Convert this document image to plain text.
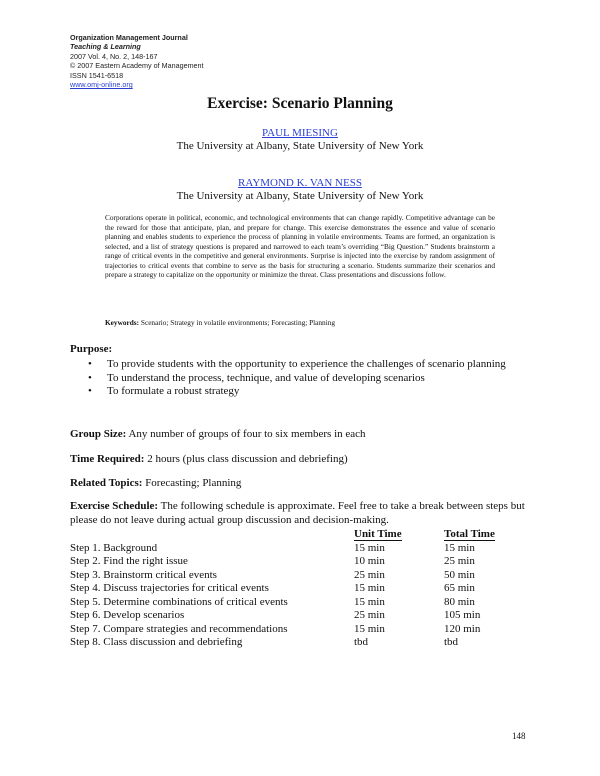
Organization Management Journal
Teaching & Learning
2007 Vol. 4, No. 2, 148-167
© 2007 Eastern Academy of Management
ISSN 1541-6518
www.omj-online.org
Exercise: Scenario Planning
PAUL MIESING
The University at Albany, State University of New York
RAYMOND K. VAN NESS
The University at Albany, State University of New York
Corporations operate in political, economic, and technological environments that can change rapidly. Competitive advantage can be the reward for those that anticipate, plan, and prepare for change. This exercise demonstrates the essence and value of scenario planning and enables students to experience the process of planning in volatile environments. Teams are formed, an organization is selected, and a list of strategy questions is prepared and narrowed to each team’s overriding “Big Question.” Students brainstorm a range of critical events in the competitive and general environments. Surprise is injected into the exercise by random assignment of trajectories to critical events that combine to serve as the basis for structuring a scenario. Students summarize their scenarios and prepare a strategy to capitalize on the opportunity or minimize the threat. Class presentations and discussions follow.
Keywords: Scenario; Strategy in volatile environments; Forecasting; Planning
Purpose:
• To provide students with the opportunity to experience the challenges of scenario planning
• To understand the process, technique, and value of developing scenarios
• To formulate a robust strategy
Group Size: Any number of groups of four to six members in each
Time Required: 2 hours (plus class discussion and debriefing)
Related Topics: Forecasting; Planning
Exercise Schedule: The following schedule is approximate. Feel free to take a break between steps but please do not leave during actual group discussion and decision-making.
	Unit Time	Total Time
Step 1. Background	15 min	15 min
Step 2. Find the right issue	10 min	25 min
Step 3. Brainstorm critical events	25 min	50 min
Step 4. Discuss trajectories for critical events	15 min	65 min
Step 5. Determine combinations of critical events	15 min	80 min
Step 6. Develop scenarios	25 min	105 min
Step 7. Compare strategies and recommendations	15 min	120 min
Step 8. Class discussion and debriefing	tbd	tbd
148
